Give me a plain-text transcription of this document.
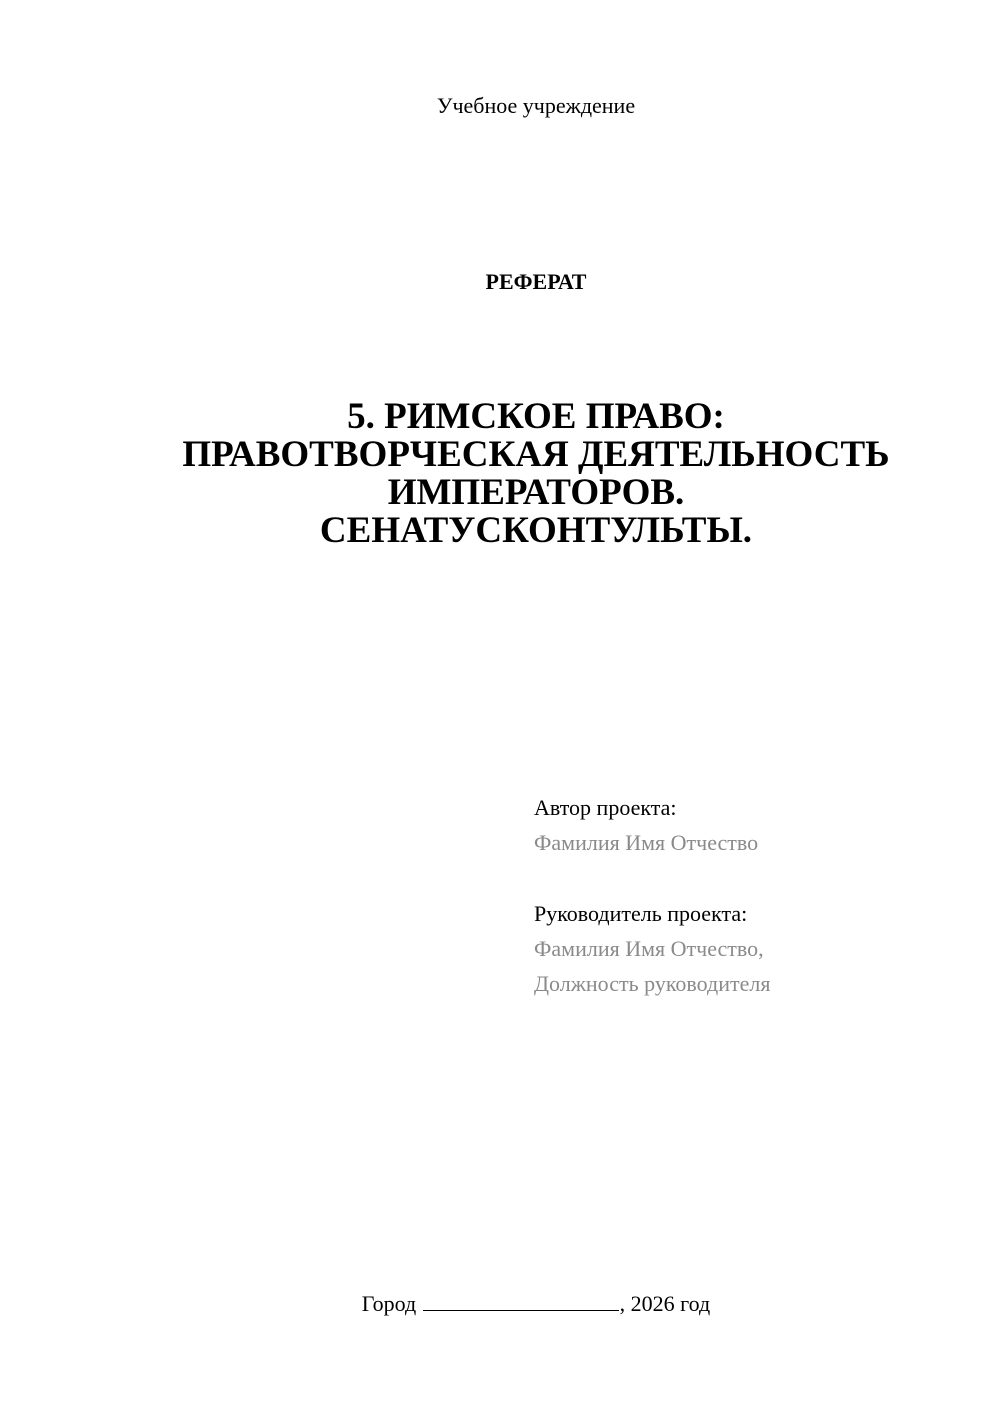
Учебное учреждение
РЕФЕРАТ
5. РИМСКОЕ ПРАВО:
ПРАВОТВОРЧЕСКАЯ ДЕЯТЕЛЬНОСТЬ
ИМПЕРАТОРОВ.
СЕНАТУСКОНТУЛЬТЫ.
Автор проекта:
Фамилия Имя Отчество
Руководитель проекта:
Фамилия Имя Отчество,
Должность руководителя
Город	, 2026 год
